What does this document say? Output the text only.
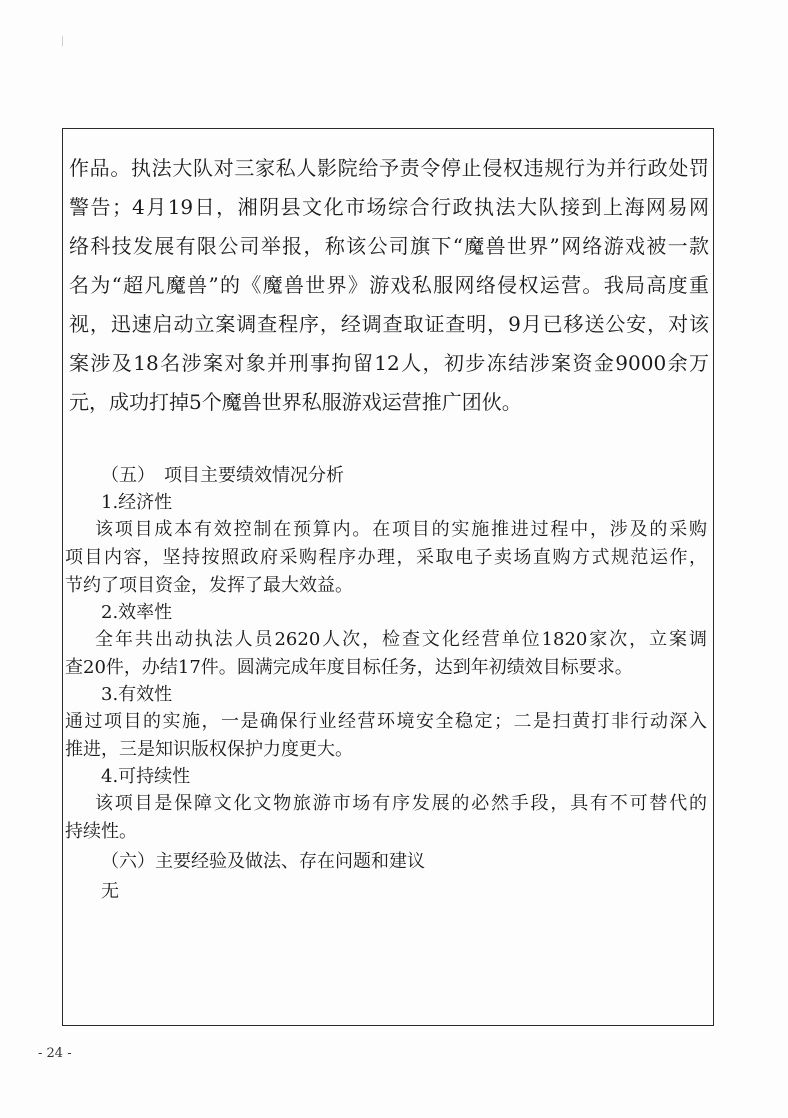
作品。执法大队对三家私人影院给予责令停止侵权违规行为并行政处罚
警告；4月19日，湘阴县文化市场综合行政执法大队接到上海网易网
络科技发展有限公司举报，称该公司旗下“魔兽世界”网络游戏被一款
名为“超凡魔兽”的《魔兽世界》游戏私服网络侵权运营。我局高度重
视，迅速启动立案调查程序，经调查取证查明，9月已移送公安，对该
案涉及18名涉案对象并刑事拘留12人，初步冻结涉案资金9000余万
元，成功打掉5个魔兽世界私服游戏运营推广团伙。
（五）　项目主要绩效情况分析
1.经济性
该项目成本有效控制在预算内。在项目的实施推进过程中，涉及的采购
项目内容，坚持按照政府采购程序办理，采取电子卖场直购方式规范运作，
节约了项目资金，发挥了最大效益。
2.效率性
全年共出动执法人员2620人次，检查文化经营单位1820家次，立案调
查20件，办结17件。圆满完成年度目标任务，达到年初绩效目标要求。
3.有效性
通过项目的实施，一是确保行业经营环境安全稳定；二是扫黄打非行动深入
推进，三是知识版权保护力度更大。
4.可持续性
该项目是保障文化文物旅游市场有序发展的必然手段，具有不可替代的
持续性。
（六）主要经验及做法、存在问题和建议
无
- 24 -
